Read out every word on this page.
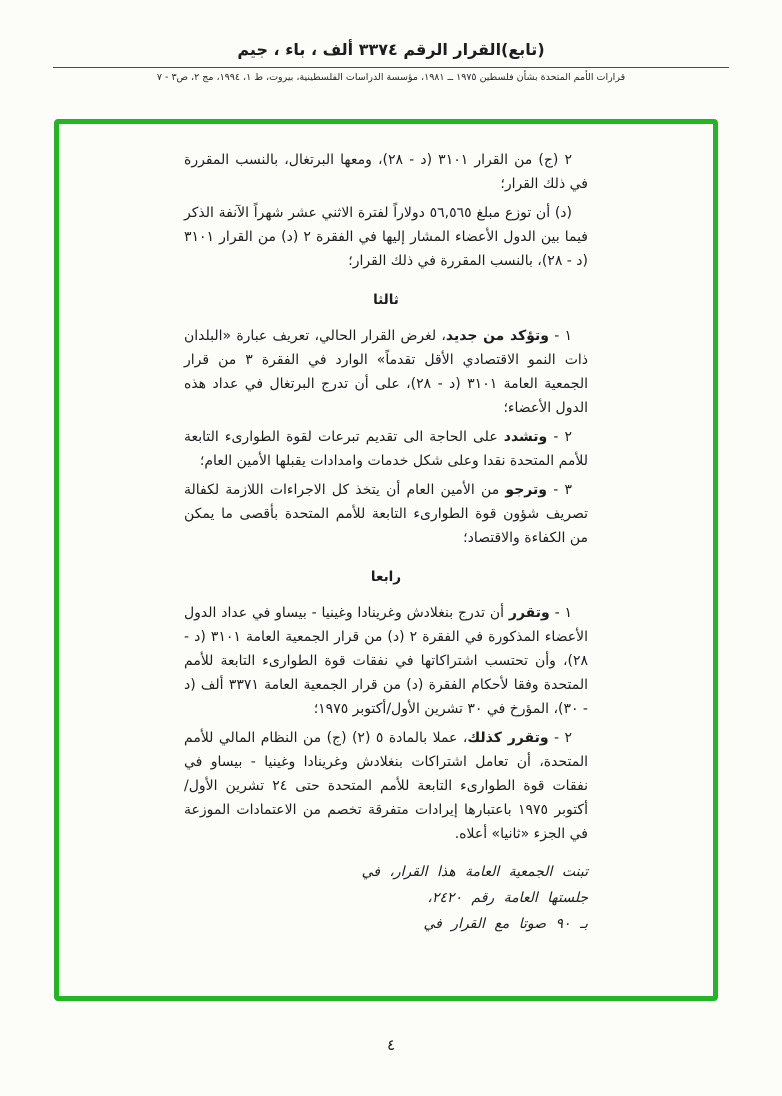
(تابع)القرار الرقم ٣٣٧٤ ألف ، باء ، جيم
قرارات الأمم المتحدة بشأن فلسطين ١٩٧٥ ــ ١٩٨١، مؤسسة الدراسات الفلسطينية، بيروت، ط ١، ١٩٩٤، مج ٢، ص٣ - ٧

٢ (ج) من القرار ٣١٠١ (د - ٢٨)، ومعها البرتغال، بالنسب المقررة في ذلك القرار؛

(د) أن توزع مبلغ ٥٦,٥٦٥ دولاراً لفترة الاثني عشر شهراً الآنفة الذكر فيما بين الدول الأعضاء المشار إليها في الفقرة ٢ (د) من القرار ٣١٠١ (د - ٢٨)، بالنسب المقررة في ذلك القرار؛

ثالثا

١ - وتؤكد من جديد، لغرض القرار الحالي، تعريف عبارة «البلدان ذات النمو الاقتصادي الأقل تقدماً» الوارد في الفقرة ٣ من قرار الجمعية العامة ٣١٠١ (د - ٢٨)، على أن تدرج البرتغال في عداد هذه الدول الأعضاء؛

٢ - وتشدد على الحاجة الى تقديم تبرعات لقوة الطوارىء التابعة للأمم المتحدة نقدا وعلى شكل خدمات وامدادات يقبلها الأمين العام؛

٣ - وترجو من الأمين العام أن يتخذ كل الاجراءات اللازمة لكفالة تصريف شؤون قوة الطوارىء التابعة للأمم المتحدة بأقصى ما يمكن من الكفاءة والاقتصاد؛

رابعا

١ - وتقرر أن تدرج بنغلادش وغرينادا وغينيا - بيساو في عداد الدول الأعضاء المذكورة في الفقرة ٢ (د) من قرار الجمعية العامة ٣١٠١ (د - ٢٨)، وأن تحتسب اشتراكاتها في نفقات قوة الطوارىء التابعة للأمم المتحدة وفقا لأحكام الفقرة (د) من قرار الجمعية العامة ٣٣٧١ ألف (د - ٣٠)، المؤرخ في ٣٠ تشرين الأول/أكتوبر ١٩٧٥؛

٢ - وتقرر كذلك، عملا بالمادة ٥ (٢) (ج) من النظام المالي للأمم المتحدة، أن تعامل اشتراكات بنغلادش وغرينادا وغينيا - بيساو في نفقات قوة الطوارىء التابعة للأمم المتحدة حتى ٢٤ تشرين الأول/أكتوبر ١٩٧٥ باعتبارها إيرادات متفرقة تخصم من الاعتمادات الموزعة في الجزء «ثانيا» أعلاه.

تبنت الجمعية العامة هذا القرار، في
جلستها العامة رقم ٢٤٢٠،
بـ ٩٠ صوتا مع القرار في
٤
